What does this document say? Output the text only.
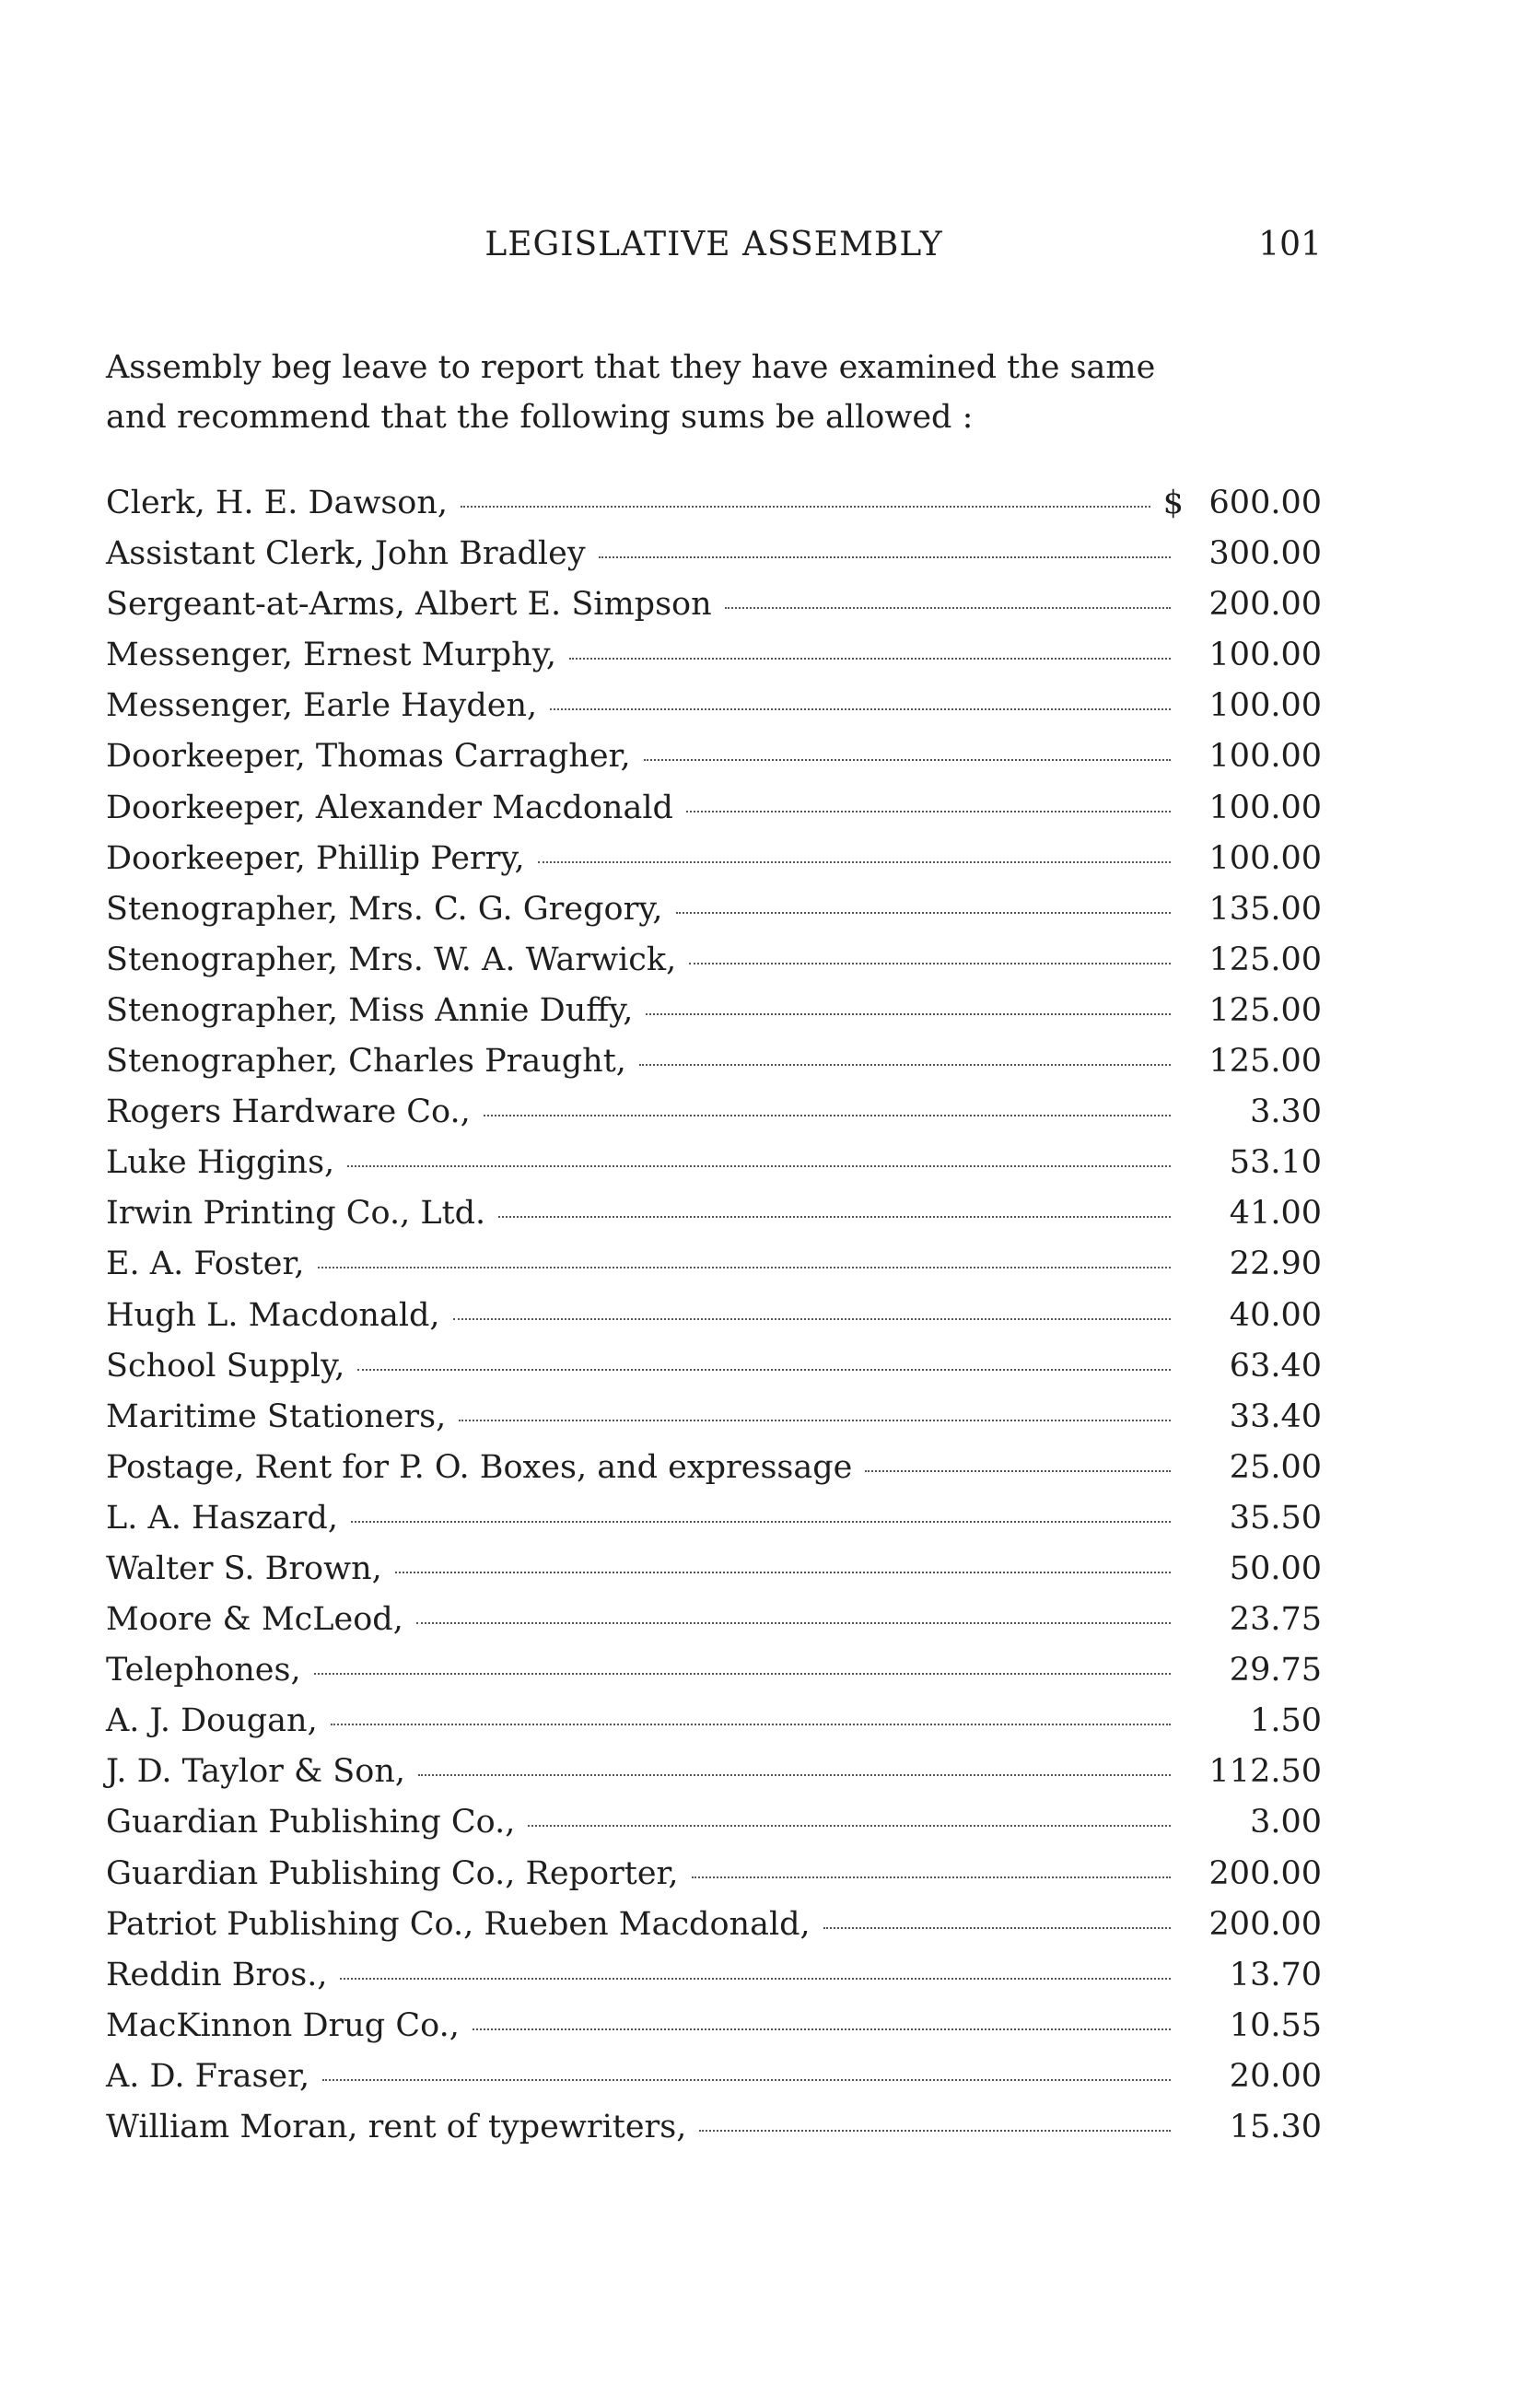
LEGISLATIVE ASSEMBLY	101

Assembly beg leave to report that they have examined the same

and recommend that the following sums be allowed :

Clerk, H. E. Dawson,	$ 600.00
Assistant Clerk, John Bradley	300.00
Sergeant-at-Arms, Albert E. Simpson	200.00
Messenger, Ernest Murphy,	100.00
Messenger, Earle Hayden,	100.00
Doorkeeper, Thomas Carragher,	100.00
Doorkeeper, Alexander Macdonald	100.00
Doorkeeper, Phillip Perry,	100.00
Stenographer, Mrs. C. G. Gregory,	135.00
Stenographer, Mrs. W. A. Warwick,	125.00
Stenographer, Miss Annie Duffy,	125.00
Stenographer, Charles Praught,	125.00
Rogers Hardware Co.,	3.30
Luke Higgins,	53.10
Irwin Printing Co., Ltd.	41.00
E. A. Foster,	22.90
Hugh L. Macdonald,	40.00
School Supply,	63.40
Maritime Stationers,	33.40
Postage, Rent for P. O. Boxes, and expressage	25.00
L. A. Haszard,	35.50
Walter S. Brown,	50.00
Moore & McLeod,	23.75
Telephones,	29.75
A. J. Dougan,	1.50
J. D. Taylor & Son,	112.50
Guardian Publishing Co.,	3.00
Guardian Publishing Co., Reporter,	200.00
Patriot Publishing Co., Rueben Macdonald,	200.00
Reddin Bros.,	13.70
MacKinnon Drug Co.,	10.55
A. D. Fraser,	20.00
William Moran, rent of typewriters,	15.30
